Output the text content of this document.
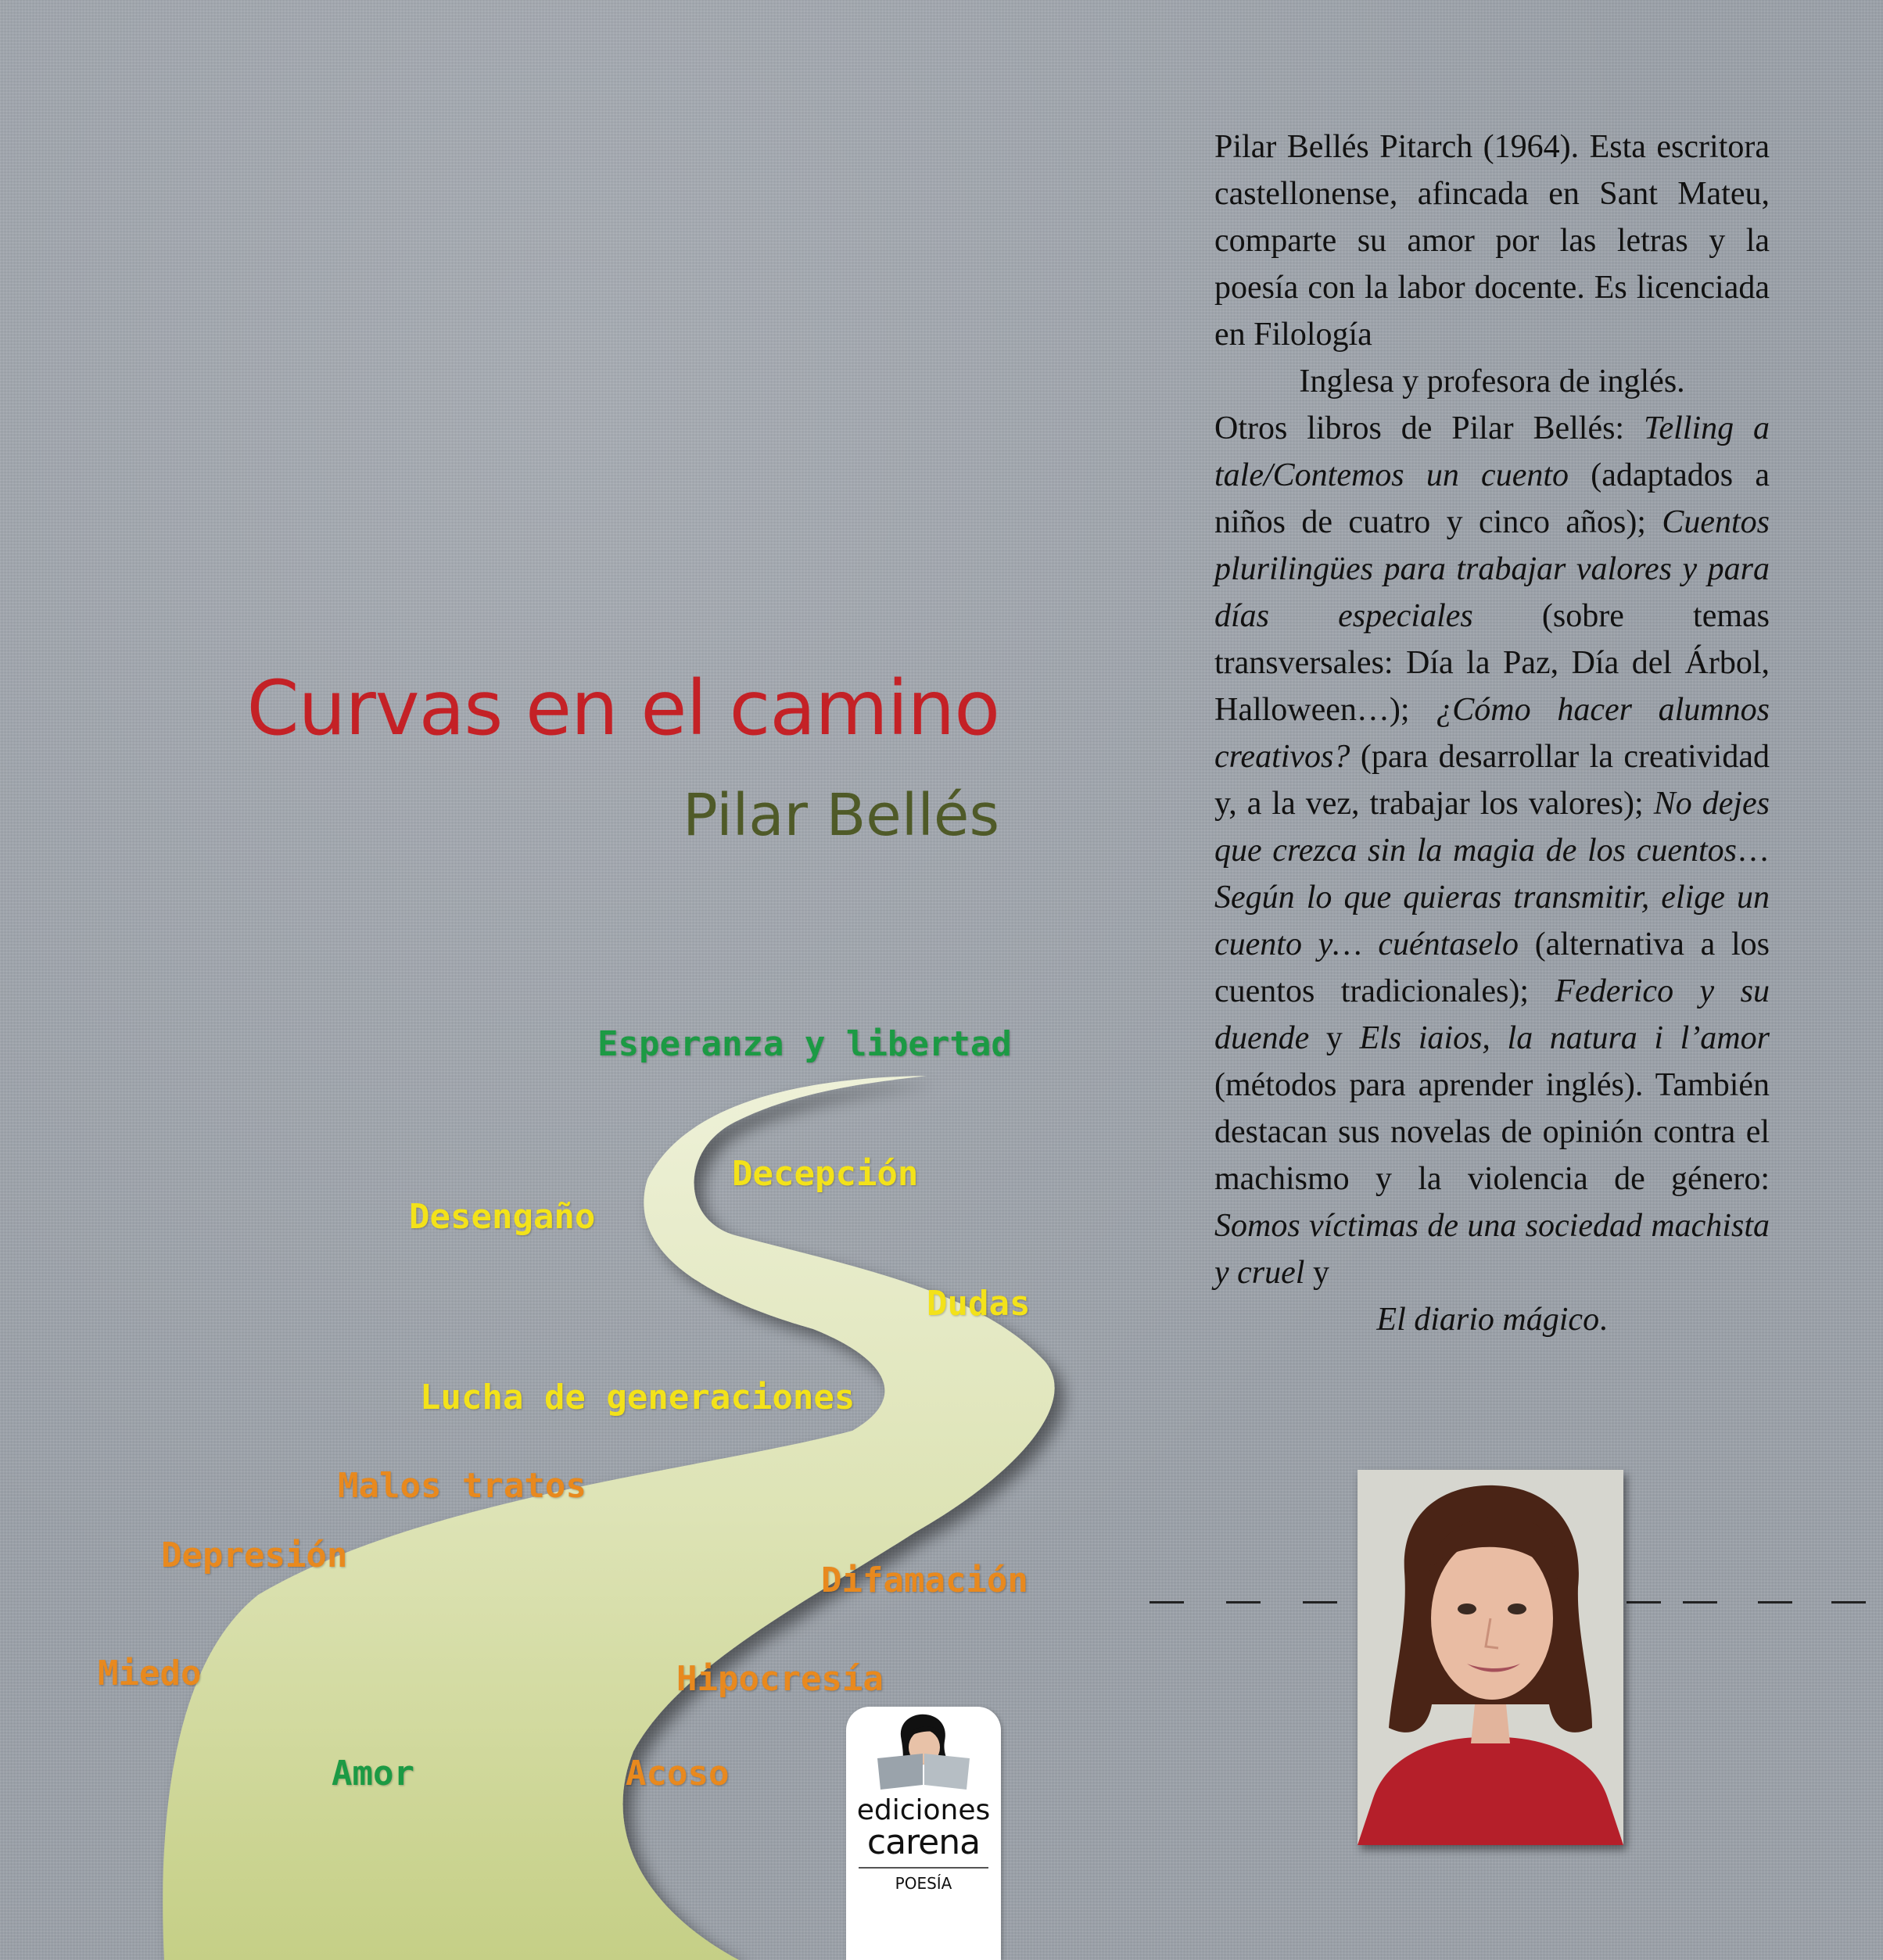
Curvas en el camino
Pilar Bellés
Esperanza y libertad
Decepción
Desengaño
Dudas
Lucha de generaciones
Malos tratos
Depresión
Difamación
Miedo	Hipocresía
Amor	Acoso

Pilar Bellés Pitarch (1964). Esta escritora castellonense, afincada en Sant Mateu, comparte su amor por las letras y la poesía con la labor docente. Es licenciada en Filología

Inglesa y profesora de inglés.

Otros libros de Pilar Bellés: Telling a tale/Contemos un cuento (adaptados a niños de cuatro y cinco años); Cuentos plurilingües para trabajar valores y para días especiales (sobre temas transversales: Día la Paz, Día del Árbol, Halloween…); ¿Cómo hacer alumnos creativos? (para desarrollar la creatividad y, a la vez, trabajar los valores); No dejes que crezca sin la magia de los cuentos… Según lo que quieras transmitir, elige un cuento y… cuéntaselo (alternativa a los cuentos tradicionales); Federico y su duende y Els iaios, la natura i l’amor (métodos para aprender inglés). También destacan sus novelas de opinión contra el machismo y la violencia de género: Somos víctimas de una sociedad machista y cruel y

El diario mágico.

ediciones
carena
POESÍA
